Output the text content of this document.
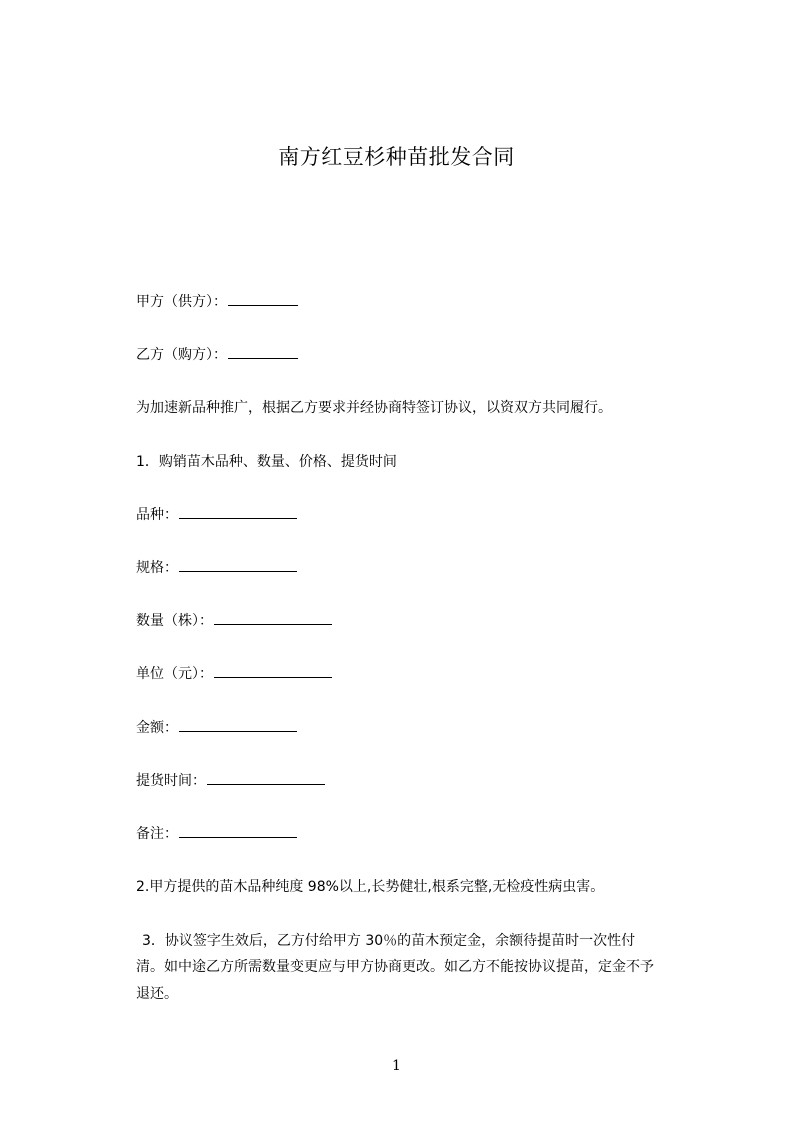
南方红豆杉种苗批发合同
甲方（供方）：
乙方（购方）：
为加速新品种推广，根据乙方要求并经协商特签订协议，以资双方共同履行。
1．购销苗木品种、数量、价格、提货时间
品种：
规格：
数量（株）：
单位（元）：
金额：
提货时间：
备注：
2.甲方提供的苗木品种纯度 98%以上,长势健壮,根系完整,无检疫性病虫害。
3．协议签字生效后，乙方付给甲方 30％的苗木预定金，余额待提苗时一次性付
清。如中途乙方所需数量变更应与甲方协商更改。如乙方不能按协议提苗，定金不予
退还。
1
